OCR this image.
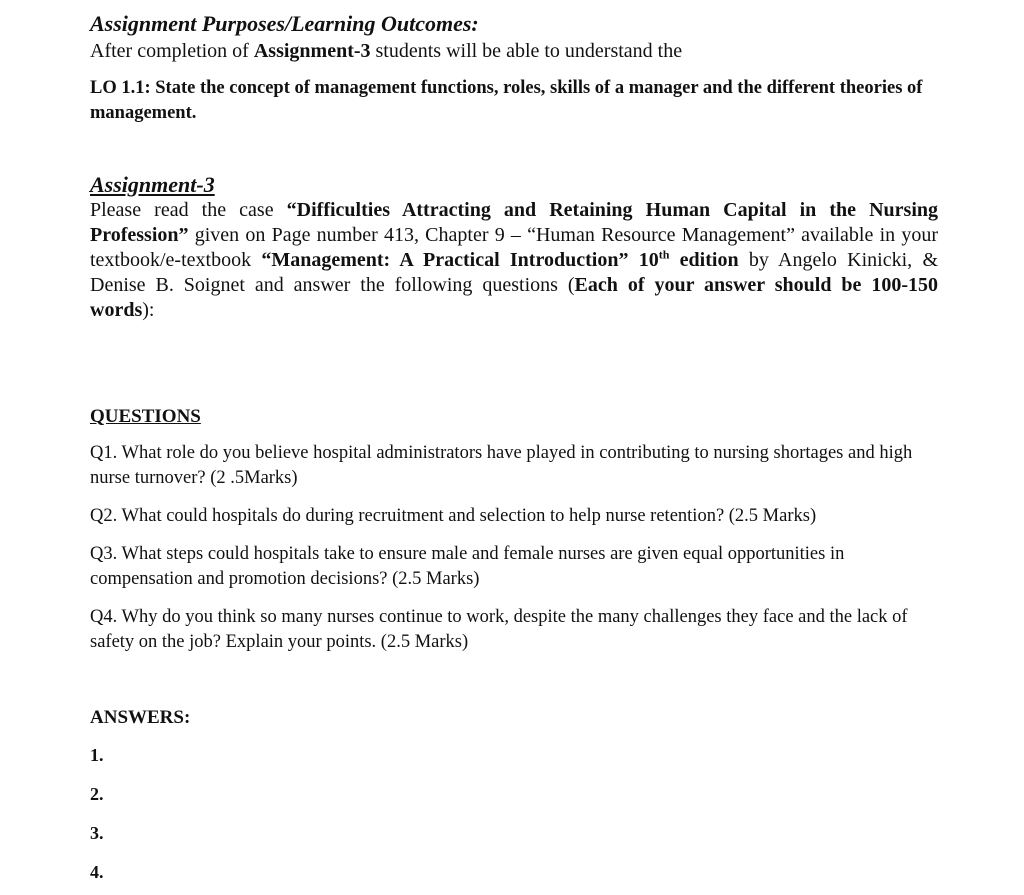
Assignment Purposes/Learning Outcomes:

After completion of Assignment-3 students will be able to understand the

LO 1.1: State the concept of management functions, roles, skills of a manager and the different theories of management.

Assignment-3

Please read the case “Difficulties Attracting and Retaining Human Capital in the Nursing Profession” given on Page number 413, Chapter 9 – “Human Resource Management” available in your textbook/e-textbook “Management: A Practical Introduction” 10th edition by Angelo Kinicki, & Denise B. Soignet and answer the following questions (Each of your answer should be 100-150 words):

QUESTIONS

Q1. What role do you believe hospital administrators have played in contributing to nursing shortages and high nurse turnover? (2 .5Marks)

Q2. What could hospitals do during recruitment and selection to help nurse retention? (2.5 Marks)

Q3. What steps could hospitals take to ensure male and female nurses are given equal opportunities in compensation and promotion decisions? (2.5 Marks)

Q4. Why do you think so many nurses continue to work, despite the many challenges they face and the lack of safety on the job? Explain your points. (2.5 Marks)

ANSWERS:

1.
2.
3.
4.
